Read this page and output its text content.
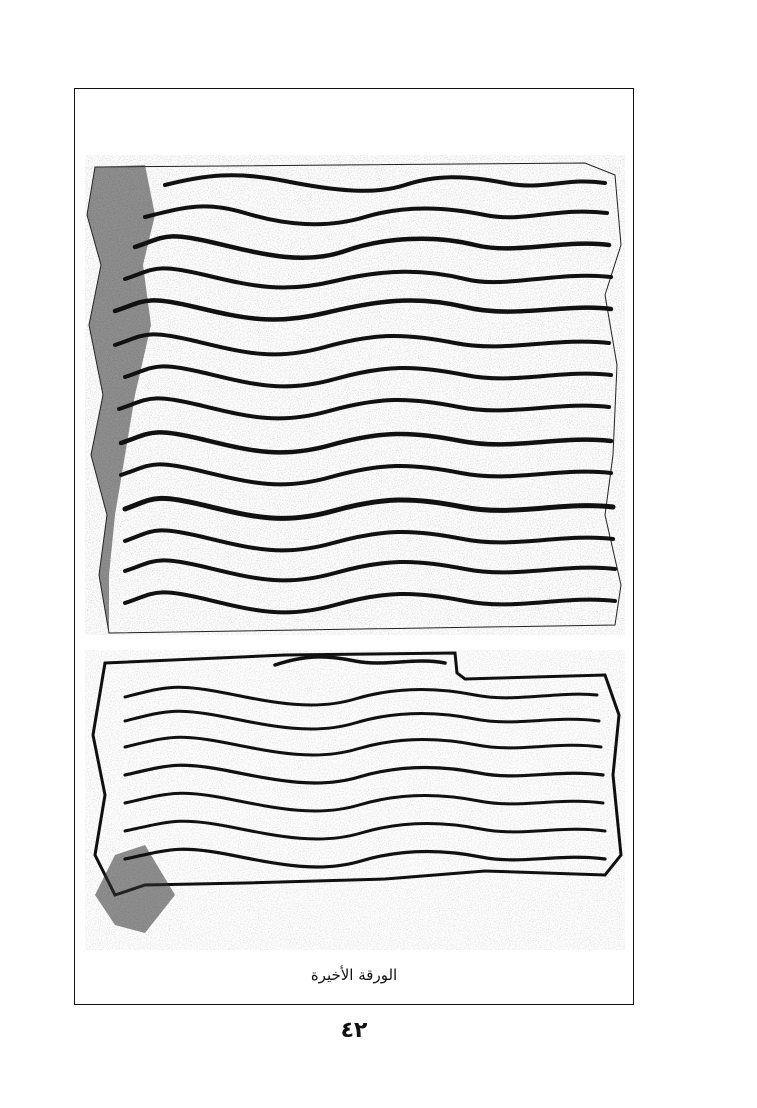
الورقة الأخيرة
٤٢
